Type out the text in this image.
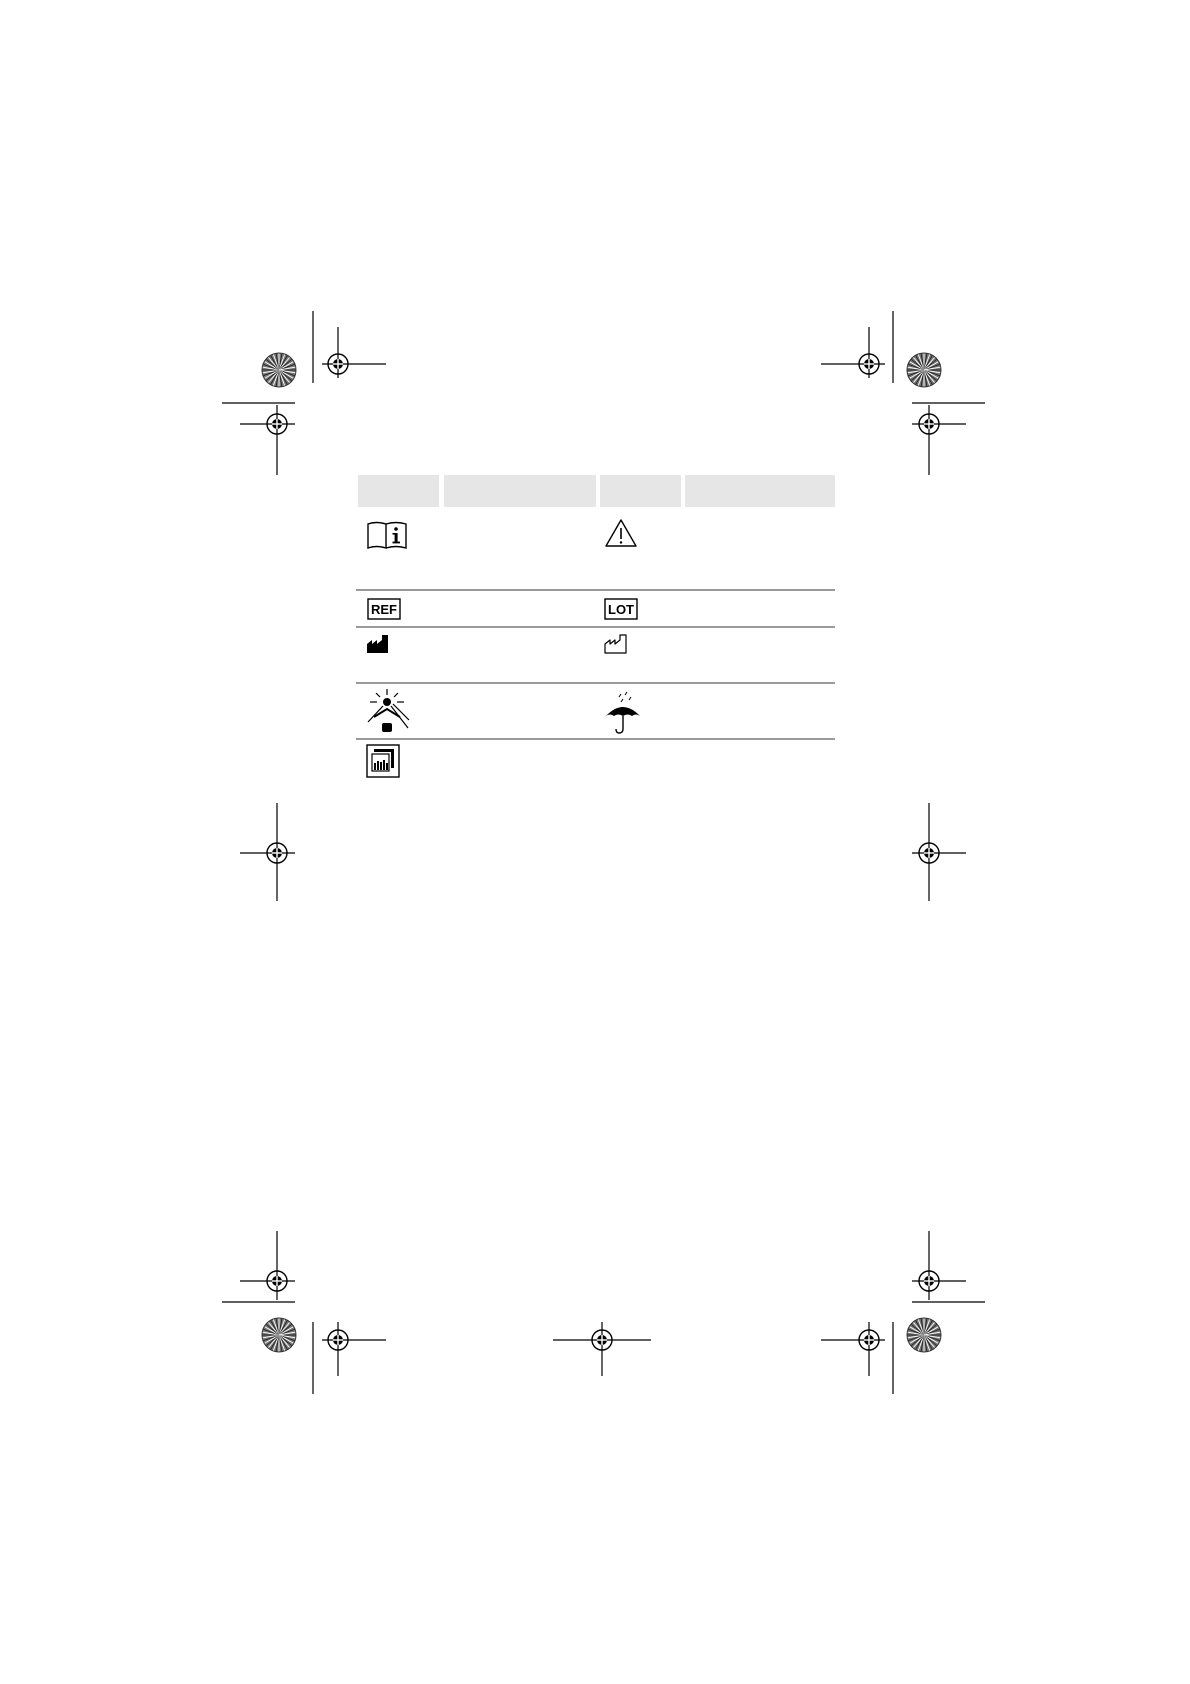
REF	LOT
